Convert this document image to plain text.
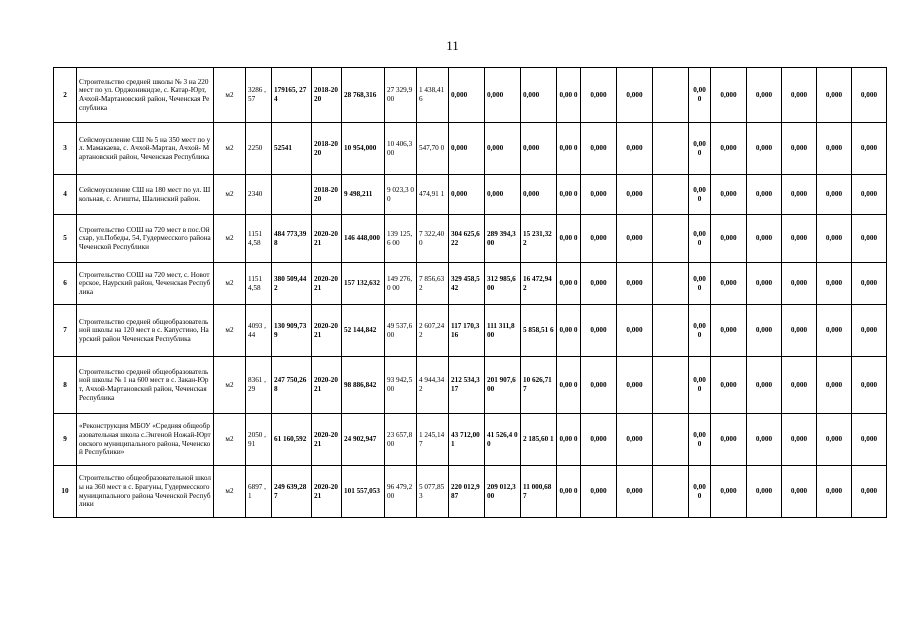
11
2	Строительство средней школы № 3 на 220 мест по ул. Орджоникидзе, с. Катар-Юрт, Ачхой-Мартановский район, Чеченская Республика	м2	3286 ,57	179165, 274	2018-2020	28 768,316	27 329,9 00	1 438,41 6	0,000	0,000	0,000	0,00 0	0,000	0,000		0,00 0	0,000	0,000	0,000	0,000	0,000
3	Сейсмоусиление СШ № 5 на 350 мест по ул. Мамакаева, с. Ачхой-Мартан, Ачхой- Мартановский район, Чеченская Республика	м2	2250	52541	2018-2020	10 954,000	10 406,3 00	547,70 0	0,000	0,000	0,000	0,00 0	0,000	0,000		0,00 0	0,000	0,000	0,000	0,000	0,000
4	Сейсмоусиление СШ на 180 мест по ул. Школьная, с. Агишты, Шалинский район.	м2	2340		2018-2020	9 498,211	9 023,3 00	474,91 1	0,000	0,000	0,000	0,00 0	0,000	0,000		0,00 0	0,000	0,000	0,000	0,000	0,000
5	Строительство СОШ на 720 мест в пос.Ойсхар, ул.Победы, 54, Гудермесского района Чеченской Республики	м2	1151 4,58	484 773,398	2020-2021	146 448,000	139 125,6 00	7 322,40 0	304 625,622	289 394,3 00	15 231,32 2	0,00 0	0,000	0,000		0,00 0	0,000	0,000	0,000	0,000	0,000
6	Строительство СОШ на 720 мест, с. Новотерское, Наурский район, Чеченская Республика	м2	1151 4,58	380 509,442	2020-2021	157 132,632	149 276,0 00	7 856,63 2	329 458,542	312 985,6 00	16 472,94 2	0,00 0	0,000	0,000		0,00 0	0,000	0,000	0,000	0,000	0,000
7	Строительство средней общеобразовательной школы на 120 мест в с. Капустино, Наурский район Чеченская Республика	м2	4093 ,44	130 909,739	2020-2021	52 144,842	49 537,6 00	2 607,24 2	117 170,316	111 311,8 00	5 858,51 6	0,00 0	0,000	0,000		0,00 0	0,000	0,000	0,000	0,000	0,000
8	Строительство средней общеобразовательной школы № 1 на 600 мест в с. Закан-Юрт, Ачхой-Мартановский район, Чеченская Республика	м2	8361 ,29	247 750,268	2020-2021	98 886,842	93 942,5 00	4 944,34 2	212 534,317	201 907,6 00	10 626,71 7	0,00 0	0,000	0,000		0,00 0	0,000	0,000	0,000	0,000	0,000
9	«Реконструкция МБОУ «Средняя общеобразовательная школа с.Энгеной Ножай-Юртовского муниципального района, Чеченской Республики»	м2	2050 ,91	61 160,592	2020-2021	24 902,947	23 657,8 00	1 245,14 7	43 712,001	41 526,4 00	2 185,60 1	0,00 0	0,000	0,000		0,00 0	0,000	0,000	0,000	0,000	0,000
10	Строительство общеобразовательной школы на 360 мест в с. Брагуны, Гудермесского муниципального района Чеченской Республики	м2	6897 ,1	249 639,287	2020-2021	101 557,053	96 479,2 00	5 077,85 3	220 012,987	209 012,3 00	11 000,68 7	0,00 0	0,000	0,000		0,00 0	0,000	0,000	0,000	0,000	0,000
